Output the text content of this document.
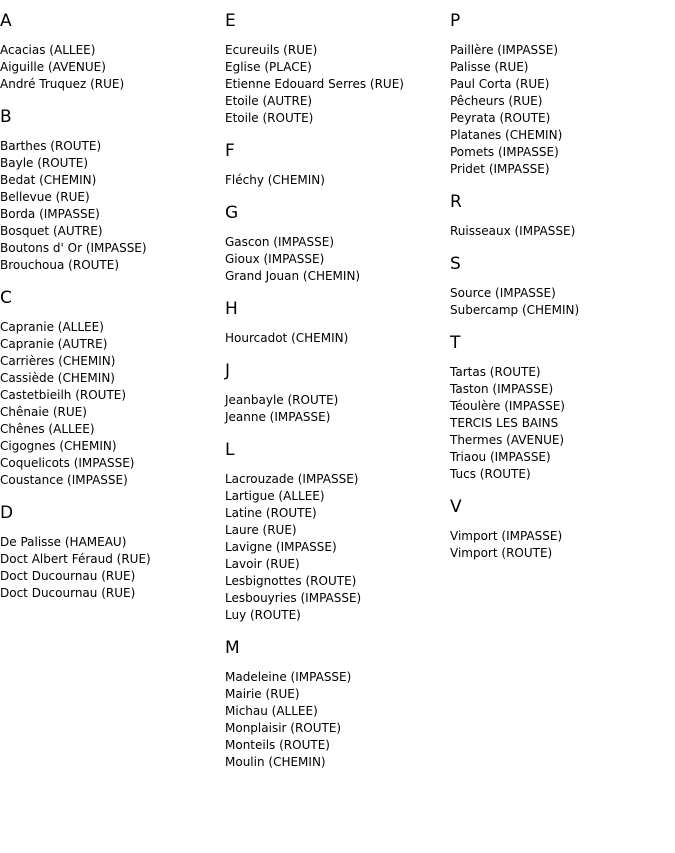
A
Acacias (ALLEE)
Aiguille (AVENUE)
André Truquez (RUE)
B
Barthes (ROUTE)
Bayle (ROUTE)
Bedat (CHEMIN)
Bellevue (RUE)
Borda (IMPASSE)
Bosquet (AUTRE)
Boutons d' Or (IMPASSE)
Brouchoua (ROUTE)
C
Capranie (ALLEE)
Capranie (AUTRE)
Carrières (CHEMIN)
Cassiède (CHEMIN)
Castetbieilh (ROUTE)
Chênaie (RUE)
Chênes (ALLEE)
Cigognes (CHEMIN)
Coquelicots (IMPASSE)
Coustance (IMPASSE)
D
De Palisse (HAMEAU)
Doct Albert Féraud (RUE)
Doct Ducournau (RUE)
Doct Ducournau (RUE)
E
Ecureuils (RUE)
Eglise (PLACE)
Etienne Edouard Serres (RUE)
Etoile (AUTRE)
Etoile (ROUTE)
F
Fléchy (CHEMIN)
G
Gascon (IMPASSE)
Gioux (IMPASSE)
Grand Jouan (CHEMIN)
H
Hourcadot (CHEMIN)
J
Jeanbayle (ROUTE)
Jeanne (IMPASSE)
L
Lacrouzade (IMPASSE)
Lartigue (ALLEE)
Latine (ROUTE)
Laure (RUE)
Lavigne (IMPASSE)
Lavoir (RUE)
Lesbignottes (ROUTE)
Lesbouyries (IMPASSE)
Luy (ROUTE)
M
Madeleine (IMPASSE)
Mairie (RUE)
Michau (ALLEE)
Monplaisir (ROUTE)
Monteils (ROUTE)
Moulin (CHEMIN)
P
Paillère (IMPASSE)
Palisse (RUE)
Paul Corta (RUE)
Pêcheurs (RUE)
Peyrata (ROUTE)
Platanes (CHEMIN)
Pomets (IMPASSE)
Pridet (IMPASSE)
R
Ruisseaux (IMPASSE)
S
Source (IMPASSE)
Subercamp (CHEMIN)
T
Tartas (ROUTE)
Taston (IMPASSE)
Téoulère (IMPASSE)
TERCIS LES BAINS
Thermes (AVENUE)
Triaou (IMPASSE)
Tucs (ROUTE)
V
Vimport (IMPASSE)
Vimport (ROUTE)
